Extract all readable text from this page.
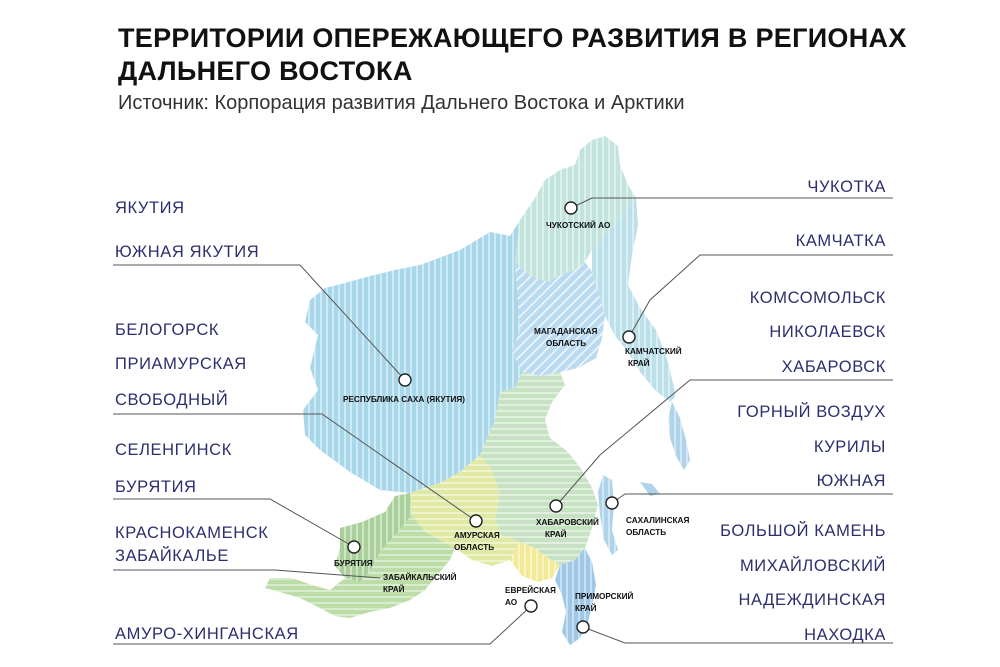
ТЕРРИТОРИИ ОПЕРЕЖАЮЩЕГО РАЗВИТИЯ В РЕГИОНАХ ДАЛЬНЕГО ВОСТОКА

Источник: Корпорация развития Дальнего Востока и Арктики

ЯКУТИЯ
ЮЖНАЯ ЯКУТИЯ
БЕЛОГОРСК
ПРИАМУРСКАЯ
СВОБОДНЫЙ
СЕЛЕНГИНСК
БУРЯТИЯ
КРАСНОКАМЕНСК
ЗАБАЙКАЛЬЕ
АМУРО-ХИНГАНСКАЯ
ЧУКОТКА
КАМЧАТКА
КОМСОМОЛЬСК
НИКОЛАЕВСК
ХАБАРОВСК
ГОРНЫЙ ВОЗДУХ
КУРИЛЫ
ЮЖНАЯ
БОЛЬШОЙ КАМЕНЬ
МИХАЙЛОВСКИЙ
НАДЕЖДИНСКАЯ
НАХОДКА
ЧУКОТСКИЙ АО
МАГАДАНСКАЯ
ОБЛАСТЬ
КАМЧАТСКИЙ
КРАЙ
РЕСПУБЛИКА САХА (ЯКУТИЯ)
ХАБАРОВСКИЙ
КРАЙ
САХАЛИНСКАЯ
ОБЛАСТЬ
АМУРСКАЯ
ОБЛАСТЬ
БУРЯТИЯ
ЗАБАЙКАЛЬСКИЙ
КРАЙ	ЕВРЕЙСКАЯ
АО
ПРИМОРСКИЙ
КРАЙ
